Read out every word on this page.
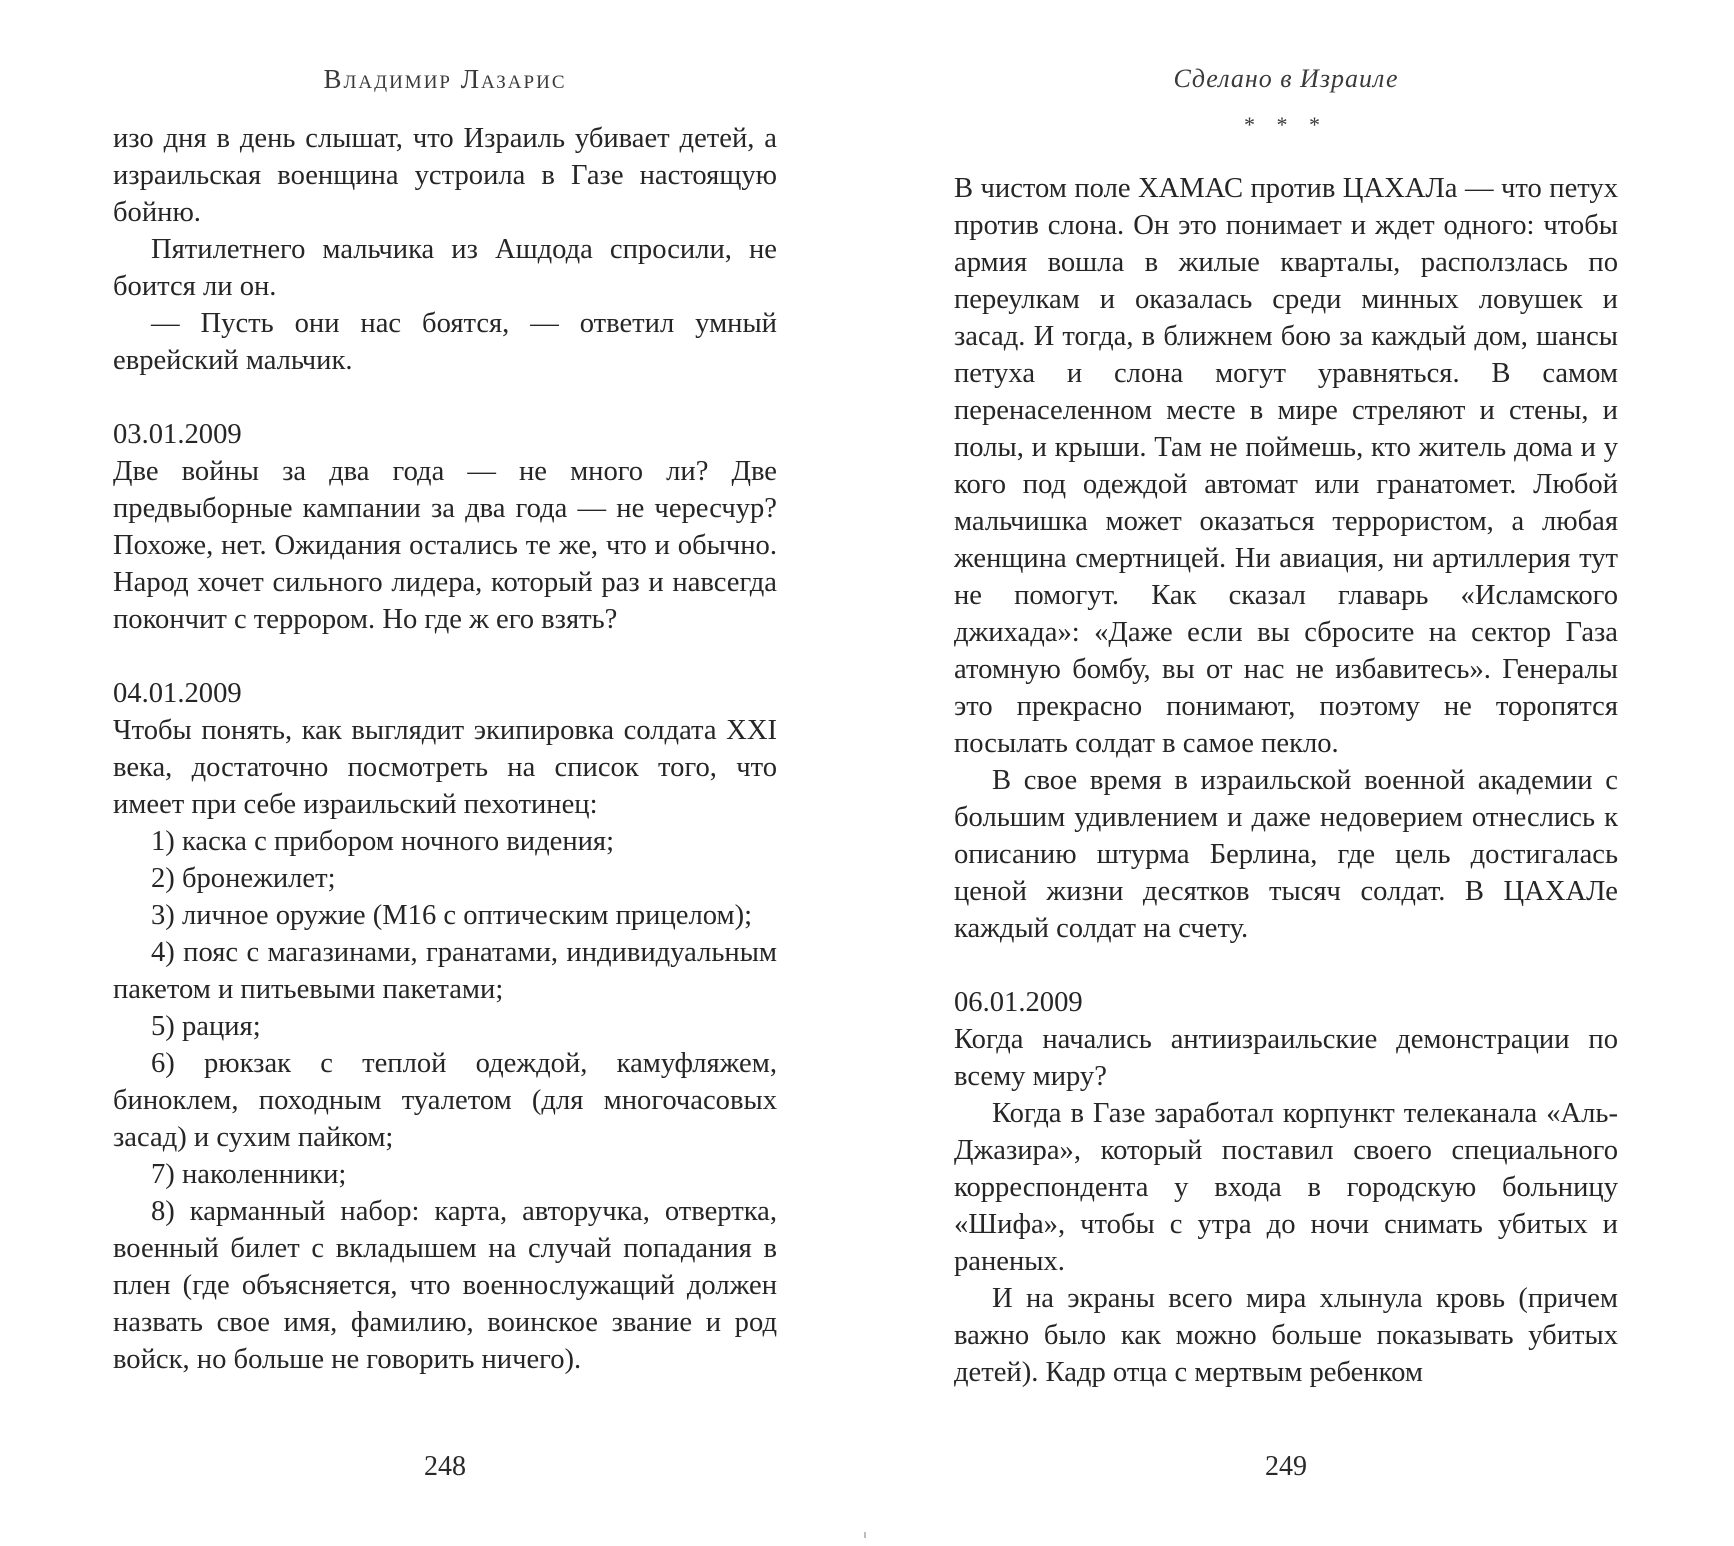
Владимир Лазарис

изо дня в день слышат, что Израиль убивает детей, а израильская военщина устроила в Газе настоящую бойню.

Пятилетнего мальчика из Ашдода спросили, не боится ли он.

— Пусть они нас боятся, — ответил умный еврейский мальчик.

03.01.2009

Две войны за два года — не много ли? Две предвыборные кампании за два года — не чересчур? Похоже, нет. Ожидания остались те же, что и обычно. Народ хочет сильного лидера, который раз и навсегда покончит с террором. Но где ж его взять?

04.01.2009

Чтобы понять, как выглядит экипировка солдата XXI века, достаточно посмотреть на список того, что имеет при себе израильский пехотинец:

1) каска с прибором ночного видения;

2) бронежилет;

3) личное оружие (М16 с оптическим прицелом);

4) пояс с магазинами, гранатами, индивидуальным пакетом и питьевыми пакетами;

5) рация;

6) рюкзак с теплой одеждой, камуфляжем, биноклем, походным туалетом (для многочасовых засад) и сухим пайком;

7) наколенники;

8) карманный набор: карта, авторучка, отвертка, военный билет с вкладышем на случай попадания в плен (где объясняется, что военнослужащий должен назвать свое имя, фамилию, воинское звание и род войск, но больше не говорить ничего).

248
Сделано в Израиле
* * *

В чистом поле ХАМАС против ЦАХАЛа — что петух против слона. Он это понимает и ждет одного: чтобы армия вошла в жилые кварталы, расползлась по переулкам и оказалась среди минных ловушек и засад. И тогда, в ближнем бою за каждый дом, шансы петуха и слона могут уравняться. В самом перенаселенном месте в мире стреляют и стены, и полы, и крыши. Там не поймешь, кто житель дома и у кого под одеждой автомат или гранатомет. Любой мальчишка может оказаться террористом, а любая женщина смертницей. Ни авиация, ни артиллерия тут не помогут. Как сказал главарь «Исламского джихада»: «Даже если вы сбросите на сектор Газа атомную бомбу, вы от нас не избавитесь». Генералы это прекрасно понимают, поэтому не торопятся посылать солдат в самое пекло.

В свое время в израильской военной академии с большим удивлением и даже недоверием отнеслись к описанию штурма Берлина, где цель достигалась ценой жизни десятков тысяч солдат. В ЦАХАЛе каждый солдат на счету.

06.01.2009

Когда начались антиизраильские демонстрации по всему миру?

Когда в Газе заработал корпункт телеканала «Аль-Джазира», который поставил своего специального корреспондента у входа в городскую больницу «Шифа», чтобы с утра до ночи снимать убитых и раненых.

И на экраны всего мира хлынула кровь (причем важно было как можно больше показывать убитых детей). Кадр отца с мертвым ребенком

249
